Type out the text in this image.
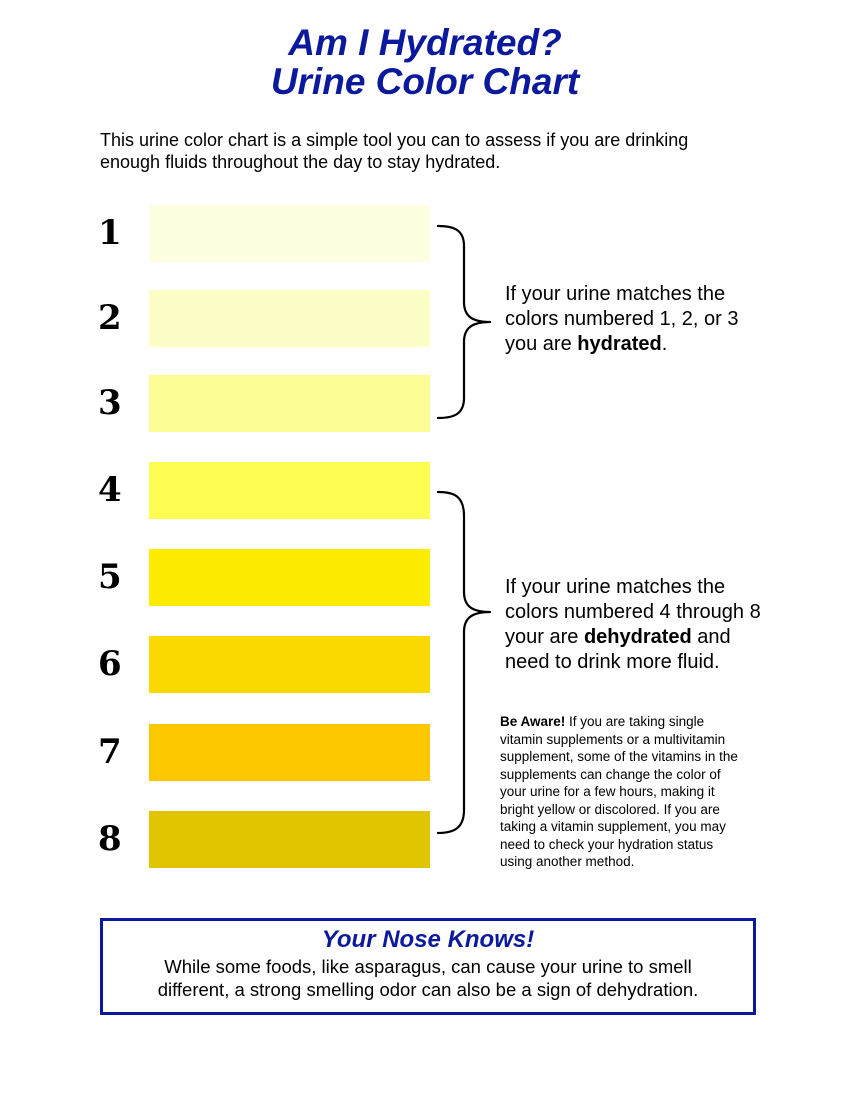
Am I Hydrated?
Urine Color Chart

This urine color chart is a simple tool you can to assess if you are drinking
enough fluids throughout the day to stay hydrated.

1
2
3
4
5
6
7
8

If your urine matches the
colors numbered 1, 2, or 3
you are hydrated.

If your urine matches the
colors numbered 4 through 8
your are dehydrated and
need to drink more fluid.

Be Aware! If you are taking single
vitamin supplements or a multivitamin
supplement, some of the vitamins in the
supplements can change the color of
your urine for a few hours, making it
bright yellow or discolored. If you are
taking a vitamin supplement, you may
need to check your hydration status
using another method.

Your Nose Knows!

While some foods, like asparagus, can cause your urine to smell
different, a strong smelling odor can also be a sign of dehydration.
